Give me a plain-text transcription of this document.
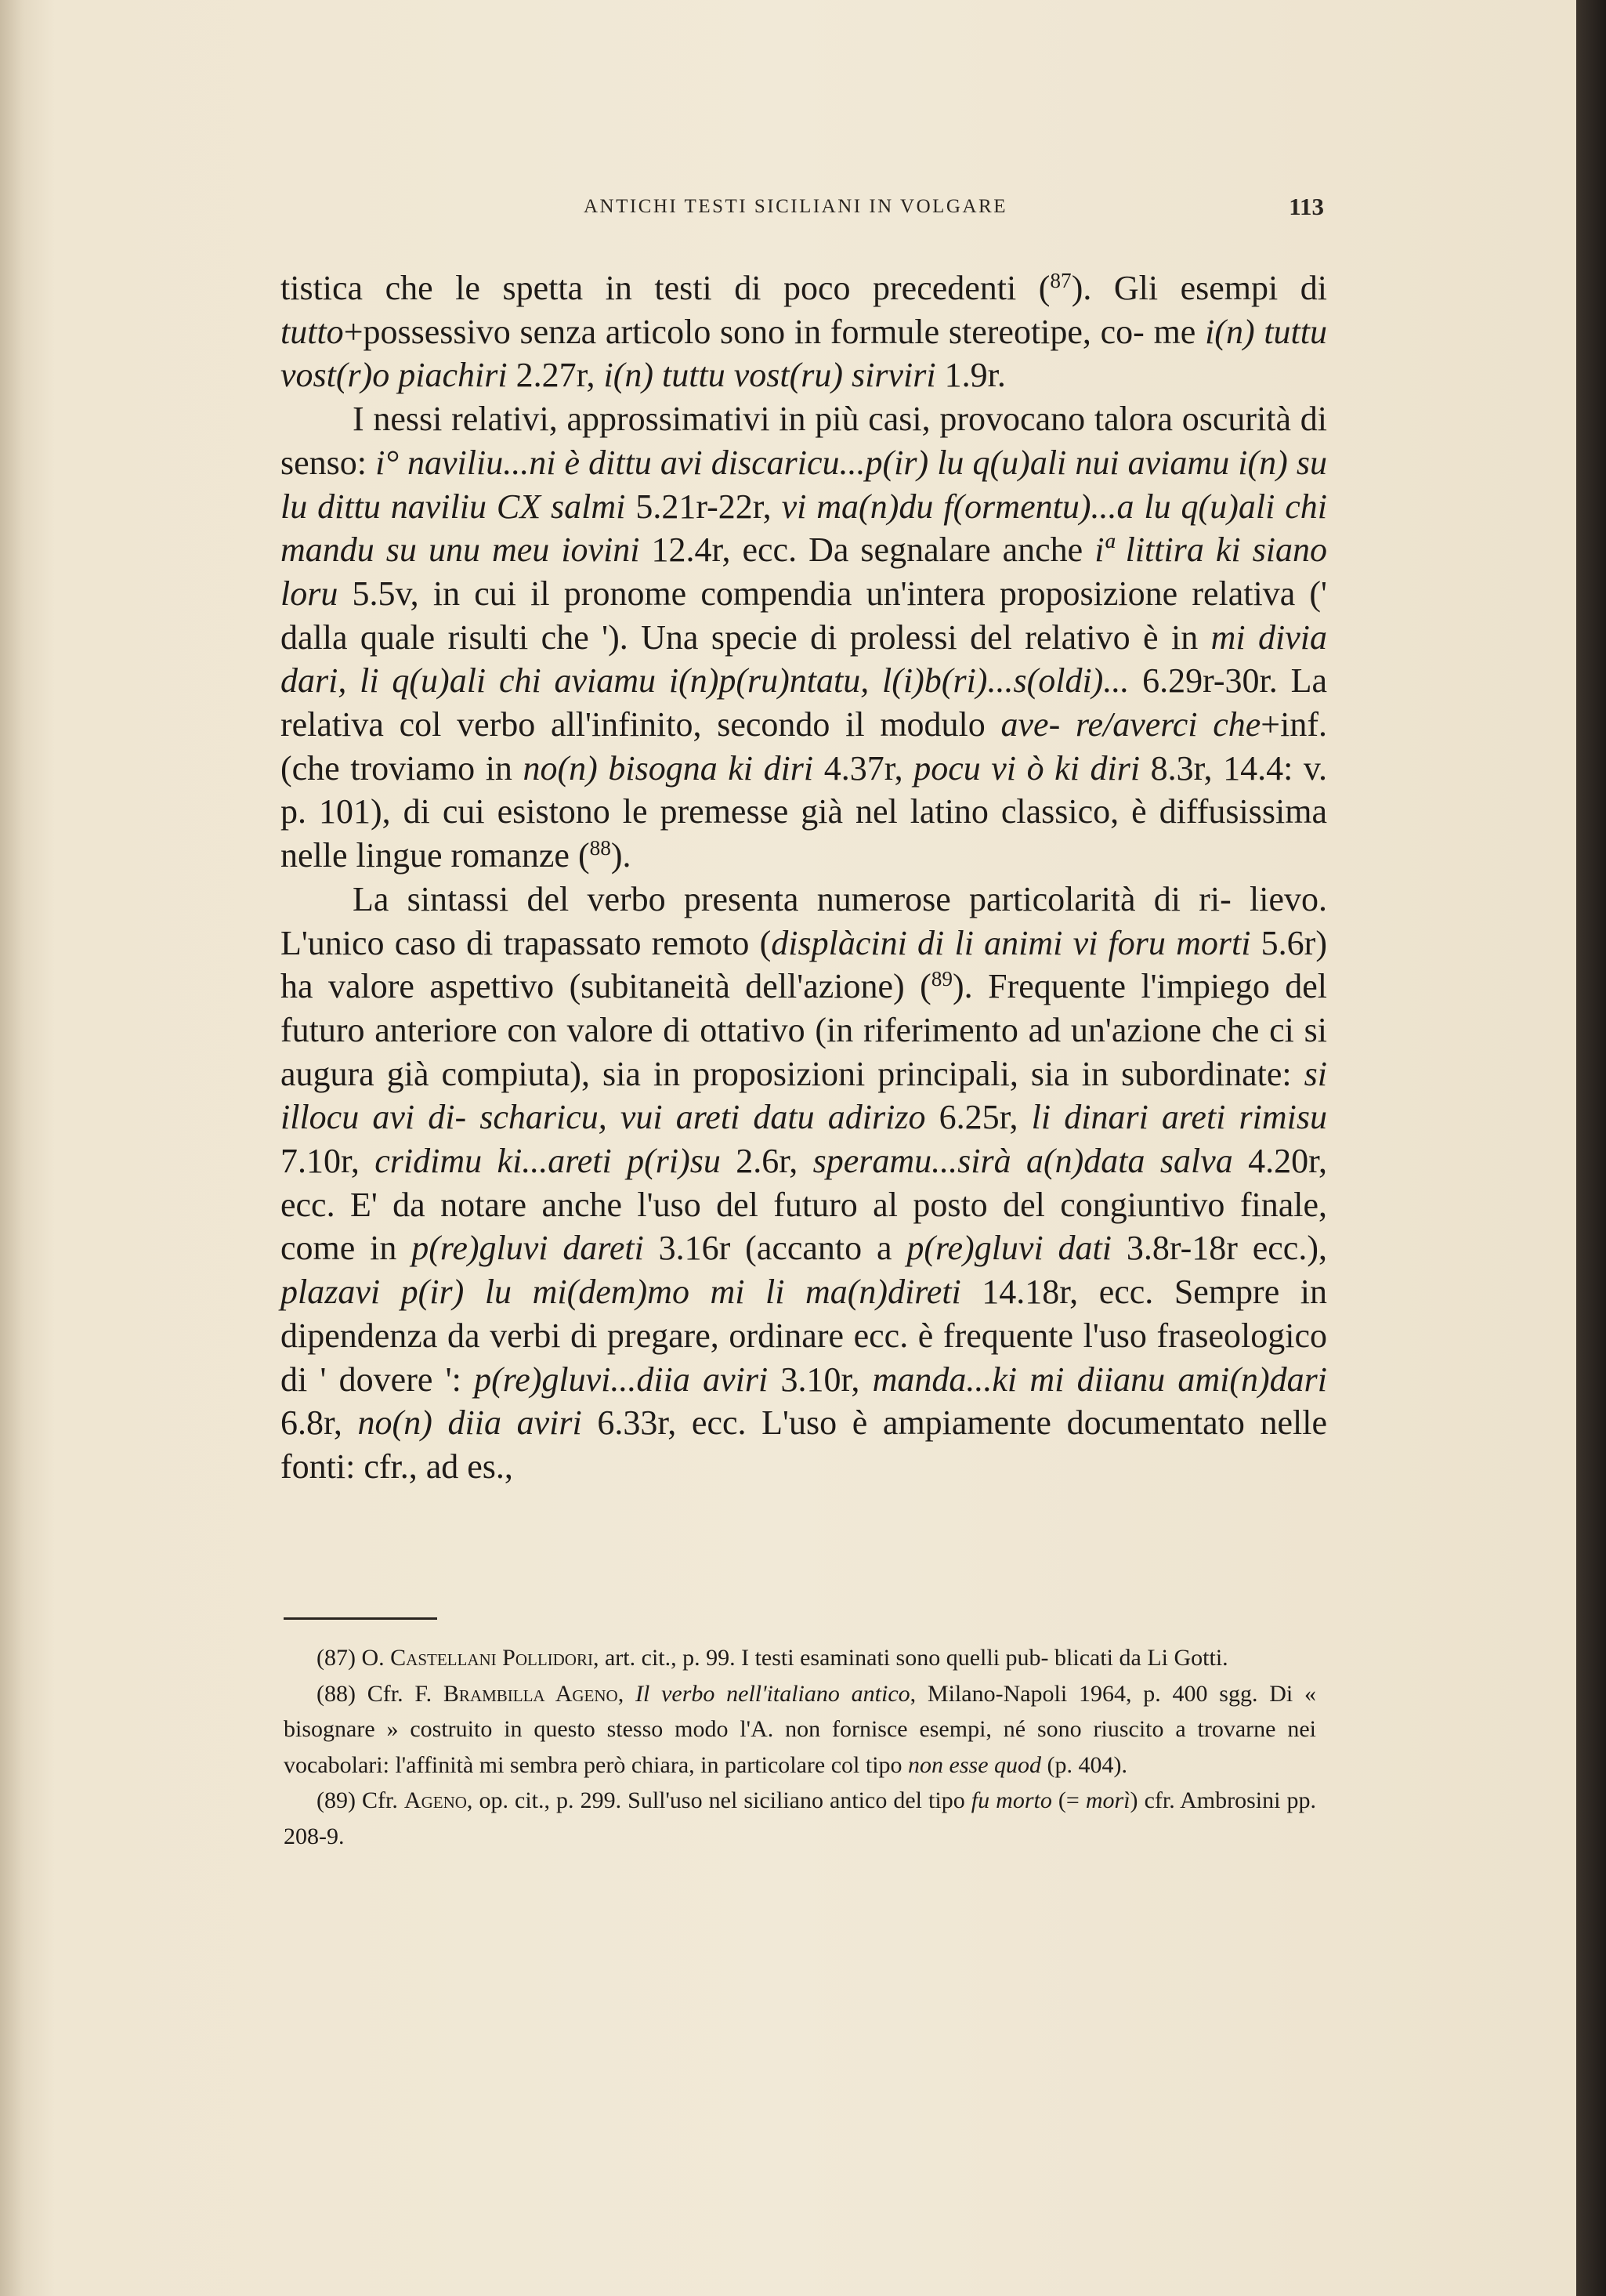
ANTICHI TESTI SICILIANI IN VOLGARE	113

tistica che le spetta in testi di poco precedenti ($^{87}$). Gli esempi di tutto+possessivo senza articolo sono in formule stereotipe, co- me i(n) tuttu vost(r)o piachiri 2.27r, i(n) tuttu vost(ru) sirviri 1.9r.

I nessi relativi, approssimativi in più casi, provocano talora oscurità di senso: i° naviliu...ni è dittu avi discaricu...p(ir) lu q(u)ali nui aviamu i(n) su lu dittu naviliu CX salmi 5.21r-22r, vi ma(n)du f(ormentu)...a lu q(u)ali chi mandu su unu meu iovini 12.4r, ecc. Da segnalare anche iª littira ki siano loru 5.5v, in cui il pronome compendia un'intera proposizione relativa (' dalla quale risulti che '). Una specie di prolessi del relativo è in mi divia dari, li q(u)ali chi aviamu i(n)p(ru)ntatu, l(i)b(ri)...s(oldi)... 6.29r-30r. La relativa col verbo all'infinito, secondo il modulo ave- re/averci che+inf. (che troviamo in no(n) bisogna ki diri 4.37r, pocu vi ò ki diri 8.3r, 14.4: v. p. 101), di cui esistono le premesse già nel latino classico, è diffusissima nelle lingue romanze ($^{88}$).

La sintassi del verbo presenta numerose particolarità di ri- lievo. L'unico caso di trapassato remoto (displàcini di li animi vi foru morti 5.6r) ha valore aspettivo (subitaneità dell'azione) ($^{89}$). Frequente l'impiego del futuro anteriore con valore di ottativo (in riferimento ad un'azione che ci si augura già compiuta), sia in proposizioni principali, sia in subordinate: si illocu avi di- scharicu, vui areti datu adirizo 6.25r, li dinari areti rimisu 7.10r, cridimu ki...areti p(ri)su 2.6r, speramu...sirà a(n)data salva 4.20r, ecc. E' da notare anche l'uso del futuro al posto del congiuntivo finale, come in p(re)gluvi dareti 3.16r (accanto a p(re)gluvi dati 3.8r-18r ecc.), plazavi p(ir) lu mi(dem)mo mi li ma(n)direti 14.18r, ecc. Sempre in dipendenza da verbi di pregare, ordinare ecc. è frequente l'uso fraseologico di ' dovere ': p(re)gluvi...diia aviri 3.10r, manda...ki mi diianu ami(n)dari 6.8r, no(n) diia aviri 6.33r, ecc. L'uso è ampiamente documentato nelle fonti: cfr., ad es.,

(87) O. Castellani Pollidori, art. cit., p. 99. I testi esaminati sono quelli pub- blicati da Li Gotti.

(88) Cfr. F. Brambilla Ageno, Il verbo nell'italiano antico, Milano-Napoli 1964, p. 400 sgg. Di « bisognare » costruito in questo stesso modo l'A. non fornisce esempi, né sono riuscito a trovarne nei vocabolari: l'affinità mi sembra però chiara, in particolare col tipo non esse quod (p. 404).

(89) Cfr. Ageno, op. cit., p. 299. Sull'uso nel siciliano antico del tipo fu morto (= morì) cfr. Ambrosini pp. 208-9.
